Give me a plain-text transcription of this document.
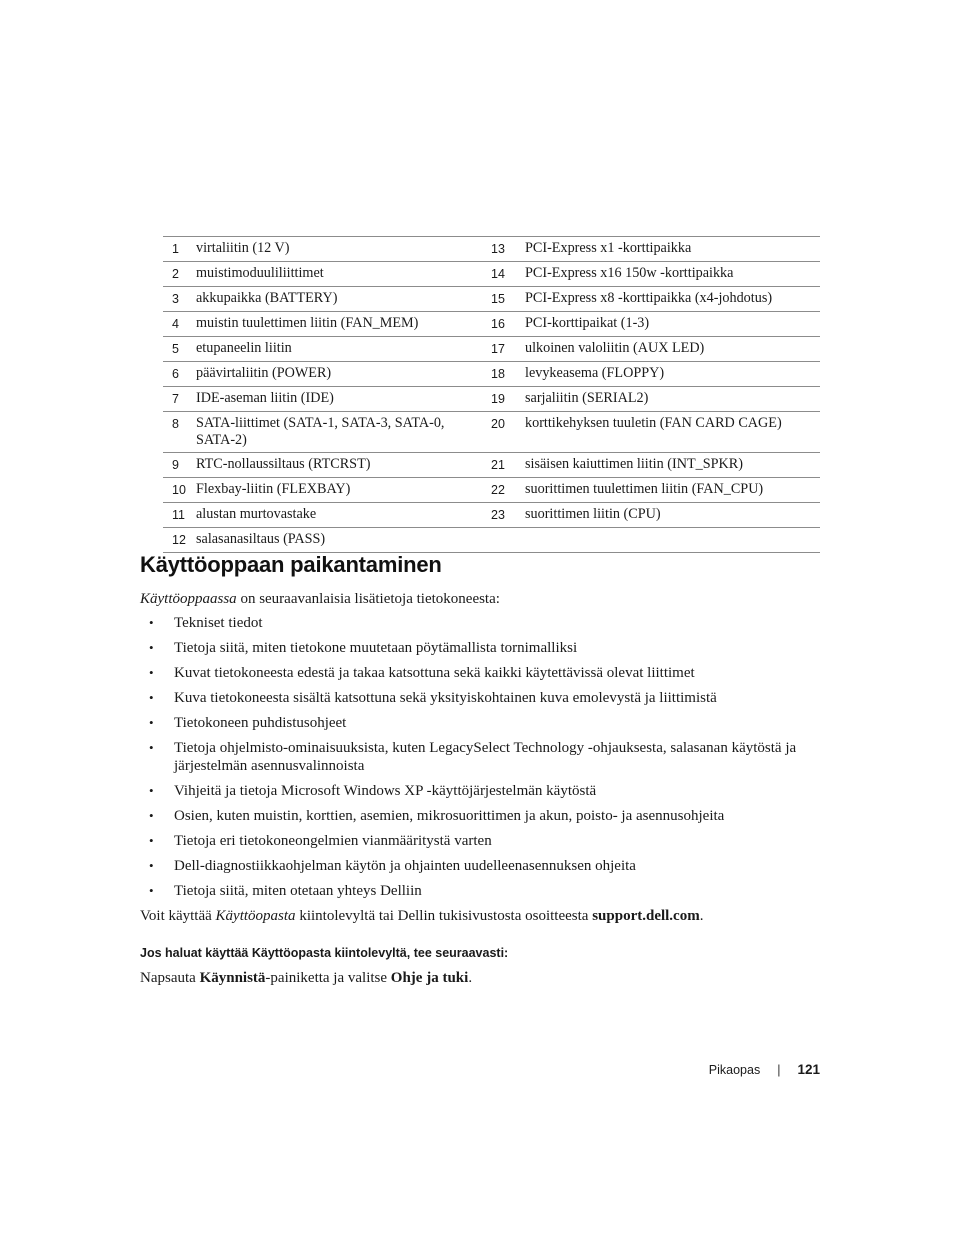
1	virtaliitin (12 V)	13	PCI-Express x1 -korttipaikka
2	muistimoduuliliittimet	14	PCI-Express x16 150w -korttipaikka
3	akkupaikka (BATTERY)	15	PCI-Express x8 -korttipaikka (x4-johdotus)
4	muistin tuulettimen liitin (FAN_MEM)	16	PCI-korttipaikat (1-3)
5	etupaneelin liitin	17	ulkoinen valoliitin (AUX LED)
6	päävirtaliitin (POWER)	18	levykeasema (FLOPPY)
7	IDE-aseman liitin (IDE)	19	sarjaliitin (SERIAL2)
8	SATA-liittimet (SATA-1, SATA-3, SATA-0, SATA-2)	20	korttikehyksen tuuletin (FAN CARD CAGE)
9	RTC-nollaussiltaus (RTCRST)	21	sisäisen kaiuttimen liitin (INT_SPKR)
10	Flexbay-liitin (FLEXBAY)	22	suorittimen tuulettimen liitin (FAN_CPU)
11	alustan murtovastake	23	suorittimen liitin (CPU)
12	salasanasiltaus (PASS)		
Käyttöoppaan paikantaminen

Käyttöoppaassa on seuraavanlaisia lisätietoja tietokoneesta:

• Tekniset tiedot
• Tietoja siitä, miten tietokone muutetaan pöytämallista tornimalliksi
• Kuvat tietokoneesta edestä ja takaa katsottuna sekä kaikki käytettävissä olevat liittimet
• Kuva tietokoneesta sisältä katsottuna sekä yksityiskohtainen kuva emolevystä ja liittimistä
• Tietokoneen puhdistusohjeet
• Tietoja ohjelmisto-ominaisuuksista, kuten LegacySelect Technology -ohjauksesta, salasanan käytöstä ja järjestelmän asennusvalinnoista
• Vihjeitä ja tietoja Microsoft Windows XP -käyttöjärjestelmän käytöstä
• Osien, kuten muistin, korttien, asemien, mikrosuorittimen ja akun, poisto- ja asennusohjeita
• Tietoja eri tietokoneongelmien vianmääritystä varten
• Dell-diagnostiikkaohjelman käytön ja ohjainten uudelleenasennuksen ohjeita
• Tietoja siitä, miten otetaan yhteys Delliin

Voit käyttää Käyttöopasta kiintolevyltä tai Dellin tukisivustosta osoitteesta support.dell.com.

Jos haluat käyttää Käyttöopasta kiintolevyltä, tee seuraavasti:

Napsauta Käynnistä-painiketta ja valitse Ohje ja tuki.

Pikaopas | 121
